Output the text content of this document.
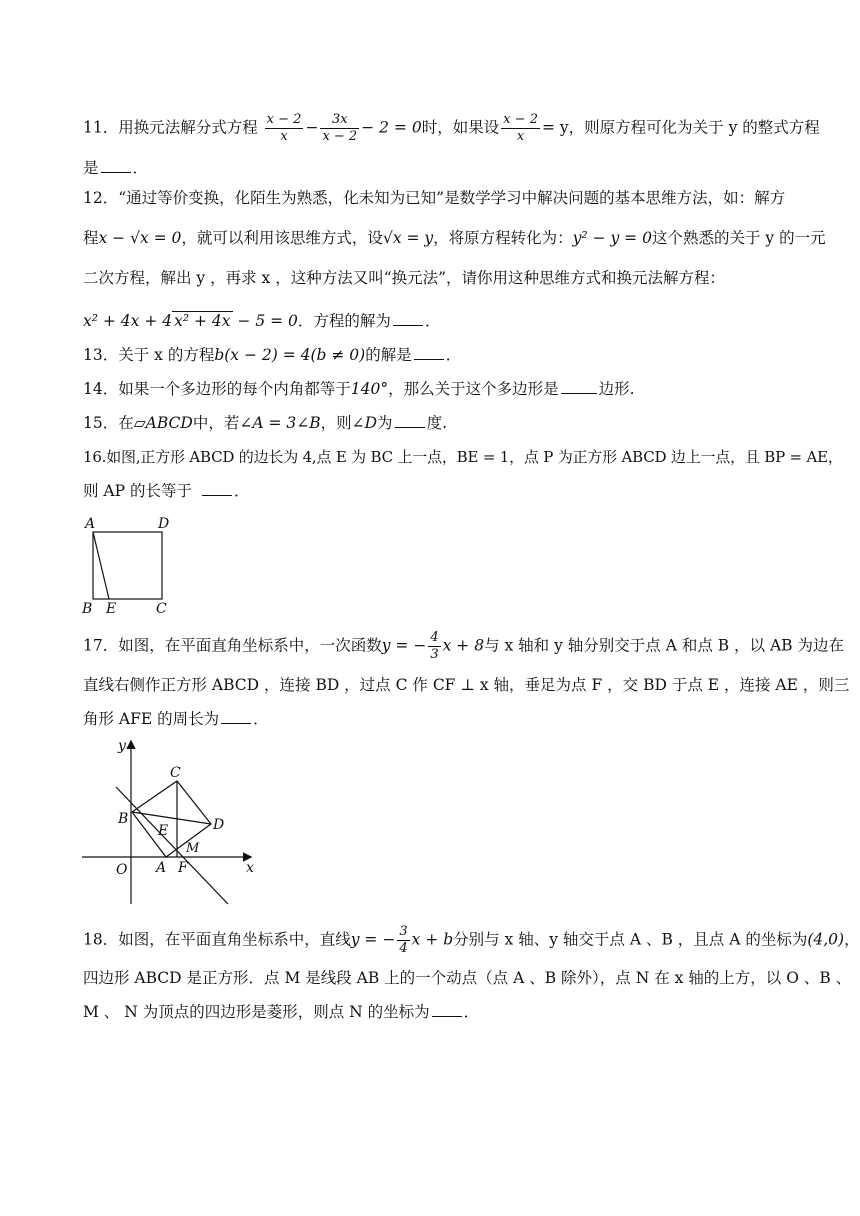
11．用换元法解分式方程 $\frac{x - 2}{x} - \frac{3x}{x - 2} - 2 = 0$时，如果设 $\frac{x - 2}{x} = y$，则原方程可化为关于 y 的整式方程
是 ．
12．“通过等价变换，化陌生为熟悉，化未知为已知”是数学学习中解决问题的基本思维方法，如：解方
程x − √x = 0，就可以利用该思维方式，设√x = y，将原方程转化为：y² − y = 0这个熟悉的关于 y 的一元
二次方程，解出 y ，再求 x ，这种方法又叫“换元法”，请你用这种思维方式和换元法解方程：
x² + 4x + 4 x² + 4x − 5 = 0．方程的解为 ．
13．关于 x 的方程b(x − 2) = 4(b ≠ 0)的解是 ．
14．如果一个多边形的每个内角都等于140°，那么关于这个多边形是	边形.
15．在▱ABCD中，若∠A = 3∠B，则∠D为 度.
16.如图,正方形 ABCD 的边长为 4,点 E 为 BC 上一点，BE = 1，点 P 为正方形 ABCD 边上一点，且 BP = AE，
则 AP 的长等于	．
A	D
B E	C
17．如图，在平面直角坐标系中，一次函数y = − $\frac{4}{3}$ x + 8与 x 轴和 y 轴分别交于点 A 和点 B ，以 AB 为边在
直线右侧作正方形 ABCD ，连接 BD ，过点 C 作 CF ⊥ x 轴，垂足为点 F ，交 BD 于点 E ，连接 AE ，则三
角形 AFE 的周长为 ．
y
C
B
E	D
M
O A F	x
18．如图，在平面直角坐标系中，直线y = − $\frac{3}{4}$ x + b分别与 x 轴、y 轴交于点 A 、B ，且点 A 的坐标为(4,0)，
四边形 ABCD 是正方形．点 M 是线段 AB 上的一个动点（点 A 、B 除外），点 N 在 x 轴的上方，以 O 、B 、
M 、 N 为顶点的四边形是菱形，则点 N 的坐标为 ．
